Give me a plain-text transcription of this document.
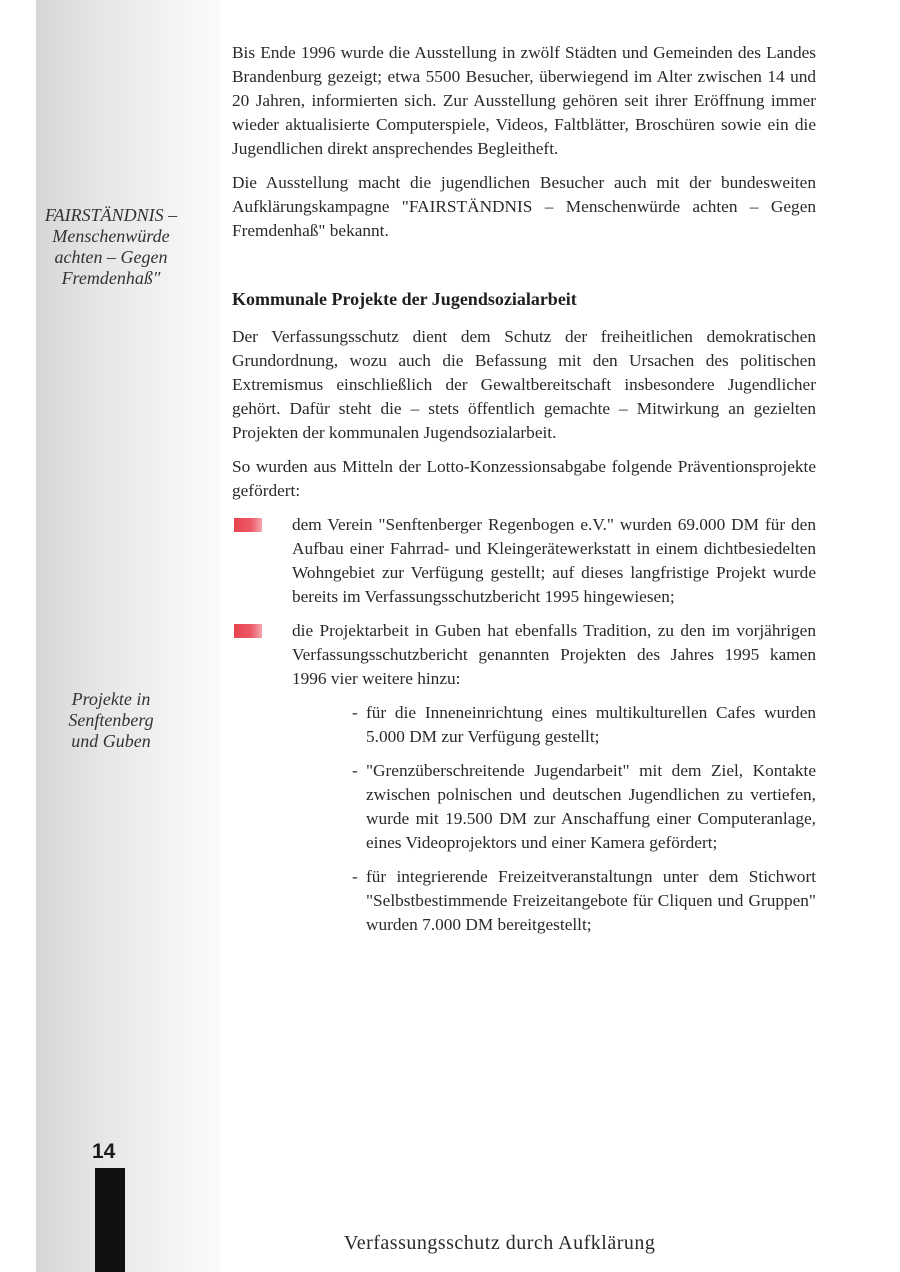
FAIRSTÄNDNIS –
Menschenwürde
achten – Gegen
Fremdenhaß"
Projekte in
Senftenberg
und Guben
14

Bis Ende 1996 wurde die Ausstellung in zwölf Städten und Gemeinden des Landes Brandenburg gezeigt; etwa 5500 Besucher, überwiegend im Alter zwischen 14 und 20 Jahren, informierten sich. Zur Ausstellung gehören seit ihrer Eröffnung immer wieder aktualisierte Computerspiele, Videos, Faltblätter, Broschüren sowie ein die Jugendlichen direkt ansprechendes Begleitheft.

Die Ausstellung macht die jugendlichen Besucher auch mit der bundesweiten Aufklärungskampagne "FAIRSTÄNDNIS – Menschenwürde achten – Gegen Fremdenhaß" bekannt.

Kommunale Projekte der Jugendsozialarbeit

Der Verfassungsschutz dient dem Schutz der freiheitlichen demokratischen Grundordnung, wozu auch die Befassung mit den Ursachen des politischen Extremismus einschließlich der Gewaltbereitschaft insbesondere Jugendlicher gehört. Dafür steht die – stets öffentlich gemachte – Mitwirkung an gezielten Projekten der kommunalen Jugendsozialarbeit.

So wurden aus Mitteln der Lotto-Konzessionsabgabe folgende Präventionsprojekte gefördert:

dem Verein "Senftenberger Regenbogen e.V." wurden 69.000 DM für den Aufbau einer Fahrrad- und Kleingerätewerkstatt in einem dichtbesiedelten Wohngebiet zur Verfügung gestellt; auf dieses langfristige Projekt wurde bereits im Verfassungsschutzbericht 1995 hingewiesen;
die Projektarbeit in Guben hat ebenfalls Tradition, zu den im vorjährigen Verfassungsschutzbericht genannten Projekten des Jahres 1995 kamen 1996 vier weitere hinzu:
- für die Inneneinrichtung eines multikulturellen Cafes wurden 5.000 DM zur Verfügung gestellt;
- "Grenzüberschreitende Jugendarbeit" mit dem Ziel, Kontakte zwischen polnischen und deutschen Jugendlichen zu vertiefen, wurde mit 19.500 DM zur Anschaffung einer Computeranlage, eines Videoprojektors und einer Kamera gefördert;
- für integrierende Freizeitveranstaltungn unter dem Stichwort "Selbstbestimmende Freizeitangebote für Cliquen und Gruppen" wurden 7.000 DM bereitgestellt;
Verfassungsschutz durch Aufklärung
